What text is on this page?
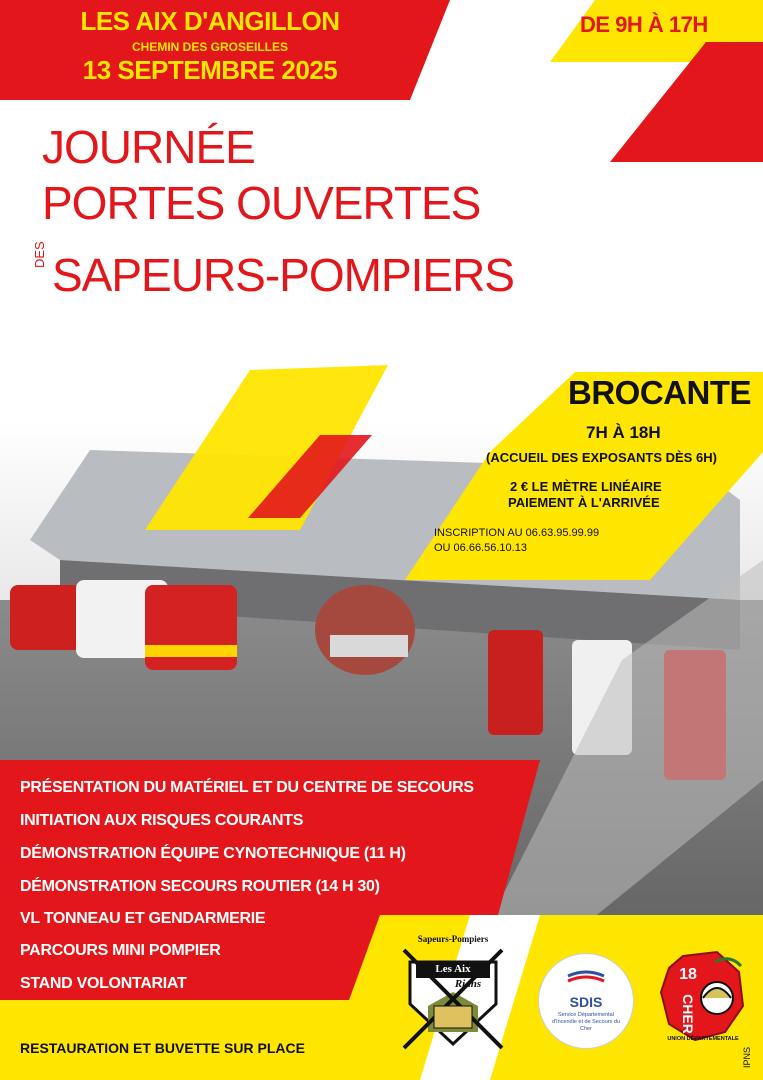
LES AIX D'ANGILLON
CHEMIN DES GROSEILLES
13 SEPTEMBRE 2025
DE 9H À 17H
JOURNÉE
PORTES OUVERTES
DES SAPEURS-POMPIERS
BROCANTE
7H À 18H
(ACCUEIL DES EXPOSANTS DÈS 6H)
2 € LE MÈTRE LINÉAIRE
PAIEMENT À L'ARRIVÉE
INSCRIPTION AU 06.63.95.99.99
OU 06.66.56.10.13
PRÉSENTATION DU MATÉRIEL ET DU CENTRE DE SECOURS
INITIATION AUX RISQUES COURANTS
DÉMONSTRATION ÉQUIPE CYNOTECHNIQUE (11 H)
DÉMONSTRATION SECOURS ROUTIER (14 H 30)
VL TONNEAU ET GENDARMERIE
PARCOURS MINI POMPIER
STAND VOLONTARIAT
RESTAURATION ET BUVETTE SUR PLACE	IPNS
Sapeurs-Pompiers
Les Aix
Rians
SDIS
Service Départemental d'Incendie et de Secours du Cher
18
CHER
UNION DÉPARTEMENTALE
